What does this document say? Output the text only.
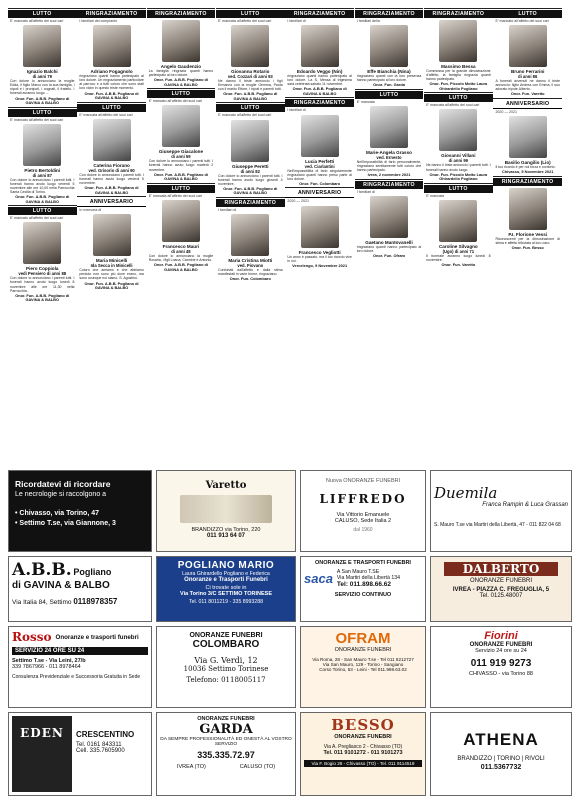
LUTTO
E' mancato all'affetto dei suoi cari
Ignazio Balchi
di anni 79
Con dolore lo annunciano la moglie Edda, il figlio Marco con la sua famiglia, i nipoti e i pronipoti, i cognati, il fratello. I funerali avranno luogo ...
Onor. Fun. A.B.B. Pogliano di GAVINA & BALBO
LUTTO
E' mancato all'affetto dei suoi cari
Pietro Bertoldini
di anni 87
Con dolore lo annunciano i parenti tutti. I funerali hanno avuto luogo venerdì 5 novembre alle ore 10,00 nella Parrocchia Santa Cecilia di Torino.
Onor. Fun. A.B.B. Pogliano di GAVINA & BALBO
LUTTO
E' mancato all'affetto dei suoi cari
Piero Coppiola
vedì Pensiero di anni 88
Con dolore lo annunciano i parenti tutti. I funerali hanno avuto luogo lunedì 8 novembre alle ore 11,30 nella Parrocchia.
Onor. Fun. A.B.B. Pogliano di GAVINA & BALBO
RINGRAZIAMENTO
I familiari del compianto
Adriano Fogagnolo
ringraziano quanti hanno partecipato al loro dolore. Un ringraziamento particolare al parroco e a tutti coloro che sono stati loro vicini in questo triste momento.
Onor. Fun. A.B.B. Pogliano di GAVINA & BALBO
LUTTO
E' mancata all'affetto dei suoi cari
Caterina Fiorano
ved. Grisorio di anni 90
Con dolore lo annunciano i parenti tutti. I funerali hanno avuto luogo venerdì 5 novembre.
Onor. Fun. A.B.B. Pogliano di GAVINA & BALBO
ANNIVERSARIO
In memoria di
Maria Minicelli
Ida Secca in Minicelli
Coloro che amiamo e che abbiamo perduto non sono più dove erano, ma sono ovunque noi siamo. S. Agostino.
Onor. Fun. A.B.B. Pogliano di GAVINA & BALBO
RINGRAZIAMENTO
Angelo Gaudenzio
La famiglia ringrazia quanti hanno partecipato al loro dolore.
Onor. Fun. A.B.B. Pogliano di GAVINA & BALBO
LUTTO
E' mancato all'affetto dei suoi cari
Giuseppe Giacalone
di anni 59
Con dolore lo annunciano i parenti tutti. I funerali hanno avuto luogo martedì 2 novembre.
Onor. Fun. A.B.B. Pogliano di GAVINA & BALBO
LUTTO
E' mancata all'affetto dei suoi cari
Francesco Mauri
di anni 48
Con dolore lo annunciano la moglie Rosaria, i figli Loana, Carmine e Antonio.
Onor. Fun. A.B.B. Pogliano di GAVINA & BALBO
LUTTO
E' mancata all'affetto dei suoi cari
Giovanna Rotario
ved. Cozzari di anni 93
Ne danno il triste annuncio i figli Ermanno con la moglie Gemma, Paola con il marito Ettore, i nipoti e parenti tutti.
Onor. Fun. A.B.B. Pogliano di GAVINA & BALBO
LUTTO
E' mancato all'affetto dei suoi cari
Giuseppe Peretti
di anni 82
Con dolore lo annunciano i parenti tutti. I funerali hanno avuto luogo giovedì 4 novembre.
Onor. Fun. A.B.B. Pogliano di GAVINA & BALBO
RINGRAZIAMENTO
I familiari di
Maria Cristina Miotti
ved. Piovano
Confortati dall'affetto e dalla stima manifestati in varie forme, ringraziano.
Onor. Fun. Colombaro
RINGRAZIAMENTO
I familiari di
Edoardo Veggo (Nin)
ringraziano quanti hanno partecipato al loro dolore. La S. Messa di trigesima sarà celebrata sabato 11 novembre.
Onor. Fun. A.B.B. Pogliano di GAVINA & BALBO
RINGRAZIAMENTO
I familiari di
Lucia Perfetti
ved. Ciarlantini
Nell'impossibilità di farlo singolarmente ringraziano quanti hanno preso parte al loro dolore.
Onor. Fun. Colombaro
ANNIVERSARIO
2020 — 2021
Francesco Vegliotti
Un anno è passato, ma il tuo ricordo vive in noi.
Vercelengo, 9 Novembre 2021
RINGRAZIAMENTO
I familiari della
Effe Bianchia (Nina)
ringraziano quanti con la loro presenza hanno partecipato al loro dolore.
Onor. Fun. Garda
LUTTO
E' mancata
Marie-Angela Grasso
ved. Ernesto
Nell'impossibilità di farlo personalmente, ringraziano sentitamente tutti coloro che hanno partecipato.
Ivrea, 2 novembre 2021
RINGRAZIAMENTO
I familiari di
Gaetano Mantovanelli
ringraziano quanti hanno partecipato al loro dolore.
Onor. Fun. Ofram
RINGRAZIAMENTO
Massimo Bessa
Commossa per la grande dimostrazione d'affetto, la famiglia ringrazia quanti hanno partecipato.
Onor. Fun. Piccolo Motto Laura Ghirardello Pogliano
LUTTO
E' mancata all'affetto dei suoi cari
Giovanni Villani
di anni 99
Ne danno il triste annuncio i parenti tutti. I funerali hanno avuto luogo.
Onor. Fun. Piccolo Motto Laura Ghirardello Pogliano
LUTTO
E' mancata
Caroline Silvagno
(Ugo) di anni 71
Il funerale avranno luogo lunedì 8 novembre.
Onor. Fun. Varetto
LUTTO
E' mancato all'affetto dei suoi cari
Bruno Ferrarini
di anni 86
A funerali avvenuti ne danno il triste annuncio: figlio Andrea con Emma, il suo adorato nipote Alberto.
Onor. Fun. Varetto
ANNIVERSARIO
2020 — 2021
Basilio Gangilio (Lio)
Il tuo ricordo è per noi forza e conforto.
Chivasso, 5 Novembre 2021
RINGRAZIAMENTO
P.I. Florione Vessi
Riconoscenti per la dimostrazione di stima e affetto tributata al loro caro.
Onor. Fun. Besso
Ricordatevi di ricordare
Le necrologie si raccolgono a
• Chivasso, via Torino, 47
• Settimo T.se, via Giannone, 3
Varetto
BRANDIZZO via Torino, 220
011 913 64 07
Nuova ONORANZE FUNEBRI
LIFFREDO
Via Vittorio Emanuele
CALUSO, Sede Italia 2
dal 1960
Duemila
Franca Rampin & Luca Grassan
S. Mauro T.se via Martiri della Libertà, 47 - 011 822 04 68
A.B.B. Pogliano
di GAVINA & BALBO
Via Italia 84, Settimo 0118978357
POGLIANO MARIO
Laura Ghirardello Pogliano e Federica
Onoranze e Trasporti Funebri
Ci trovate sole in
Via Torino 3/C SETTIMO TORINESE
Tel. 011 8011219 - 335 8993288
ONORANZE E TRASPORTI FUNEBRI
saca A San Mauro T.SE
Via Martiri della Libertà 134
Tel: 011.898.66.62
SERVIZIO CONTINUO
DALBERTO
ONORANZE FUNEBRI
IVREA - PIAZZA C. FREGUGLIA, 5
Tel. 0125.48007
Rosso Onoranze e trasporti funebri
SERVIZIO 24 ORE SU 24
Settimo T.se - Via Leini, 27/b
339 7867966 - 011 8978464
Consulenza Previdenziale e Successoria Gratuita in Sede
ONORANZE FUNEBRI
COLOMBARO
Via G. Verdi, 12
10036 Settimo Torinese
Telefono: 0118005117
OFRAM
ONORANZE FUNEBRI
Via Roma, 28 - San Mauro T.se - Tel 011 8212727
Via San Mauro, 129 - Torino - Sangiano
Corso Torino, 53 - Leini - Tel 011.998.63.02
Fiorini
ONORANZE FUNEBRI
Servizio 24 ore su 24
011 919 9273
CHIVASSO - via Torino 88
EDEN	CRESCENTINO
Tel. 0161 843311
Cell. 335.7605900
ONORANZE FUNEBRI
GARDA
DA SEMPRE PROFESSIONALITÀ ED ONESTÀ AL VOSTRO SERVIZIO
335.335.72.97
IVREA (TO)	CALUSO (TO)
BESSO
ONORANZE FUNEBRI
Via A. Pregliasco 2 - Chivasso (TO)
Tel. 011 9101272 - 011 9101273
Via F. Bogio 26 - Chivasso (TO) - Tel. 011 9114519
ATHENA
BRANDIZZO | TORINO | RIVOLI
011.5367732
